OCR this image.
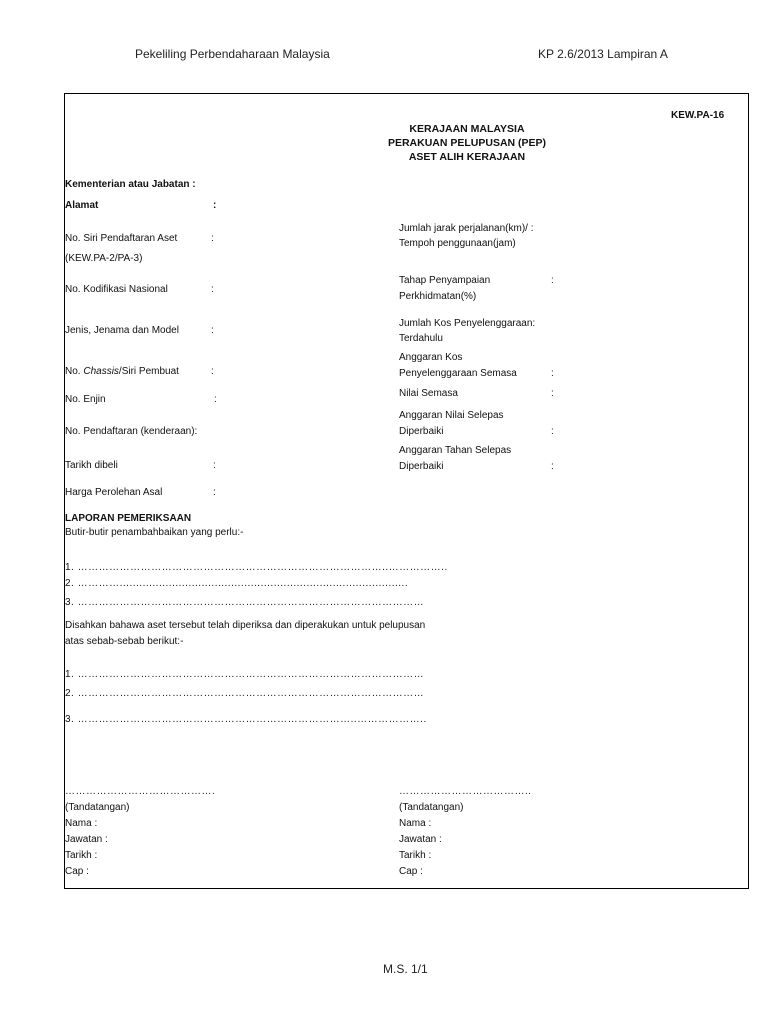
Pekeliling Perbendaharaan Malaysia	KP 2.6/2013 Lampiran A
KEW.PA-16
KERAJAAN MALAYSIA
PERAKUAN PELUPUSAN (PEP)
ASET ALIH KERAJAAN
Kementerian atau Jabatan :
Alamat	:
No. Siri Pendaftaran Aset	:
(KEW.PA-2/PA-3)
No. Kodifikasi Nasional	:
Jenis, Jenama dan Model	:
No. Chassis/Siri Pembuat	:
No. Enjin	:
No. Pendaftaran (kenderaan):
Tarikh dibeli	:
Harga Perolehan Asal	:
Jumlah jarak perjalanan(km)/ :
Tempoh penggunaan(jam)
Tahap Penyampaian
Perkhidmatan(%)
:
Jumlah Kos Penyelenggaraan:
Terdahulu
Anggaran Kos
Penyelenggaraan Semasa	:
Nilai Semasa	:
Anggaran Nilai Selepas
Diperbaiki	:
Anggaran Tahan Selepas
Diperbaiki	:
LAPORAN PEMERIKSAAN
Butir-butir penambahbaikan yang perlu:-
1. ……………………………………………………………………………..……………..
2. …………........................................................................................
3. ………………………………………………………………………………………
Disahkan bahawa aset tersebut telah diperiksa dan diperakukan untuk pelupusan
atas sebab-sebab berikut:-
1. ………………………………………………………………………………………
2. ………………………………………………………………………………………
3. ……………………………………………………………………..………………..
…………………………………….
(Tandatangan)
Nama :
Jawatan :
Tarikh :
Cap :
………………………………..
(Tandatangan)
Nama :
Jawatan :
Tarikh :
Cap :
M.S. 1/1
